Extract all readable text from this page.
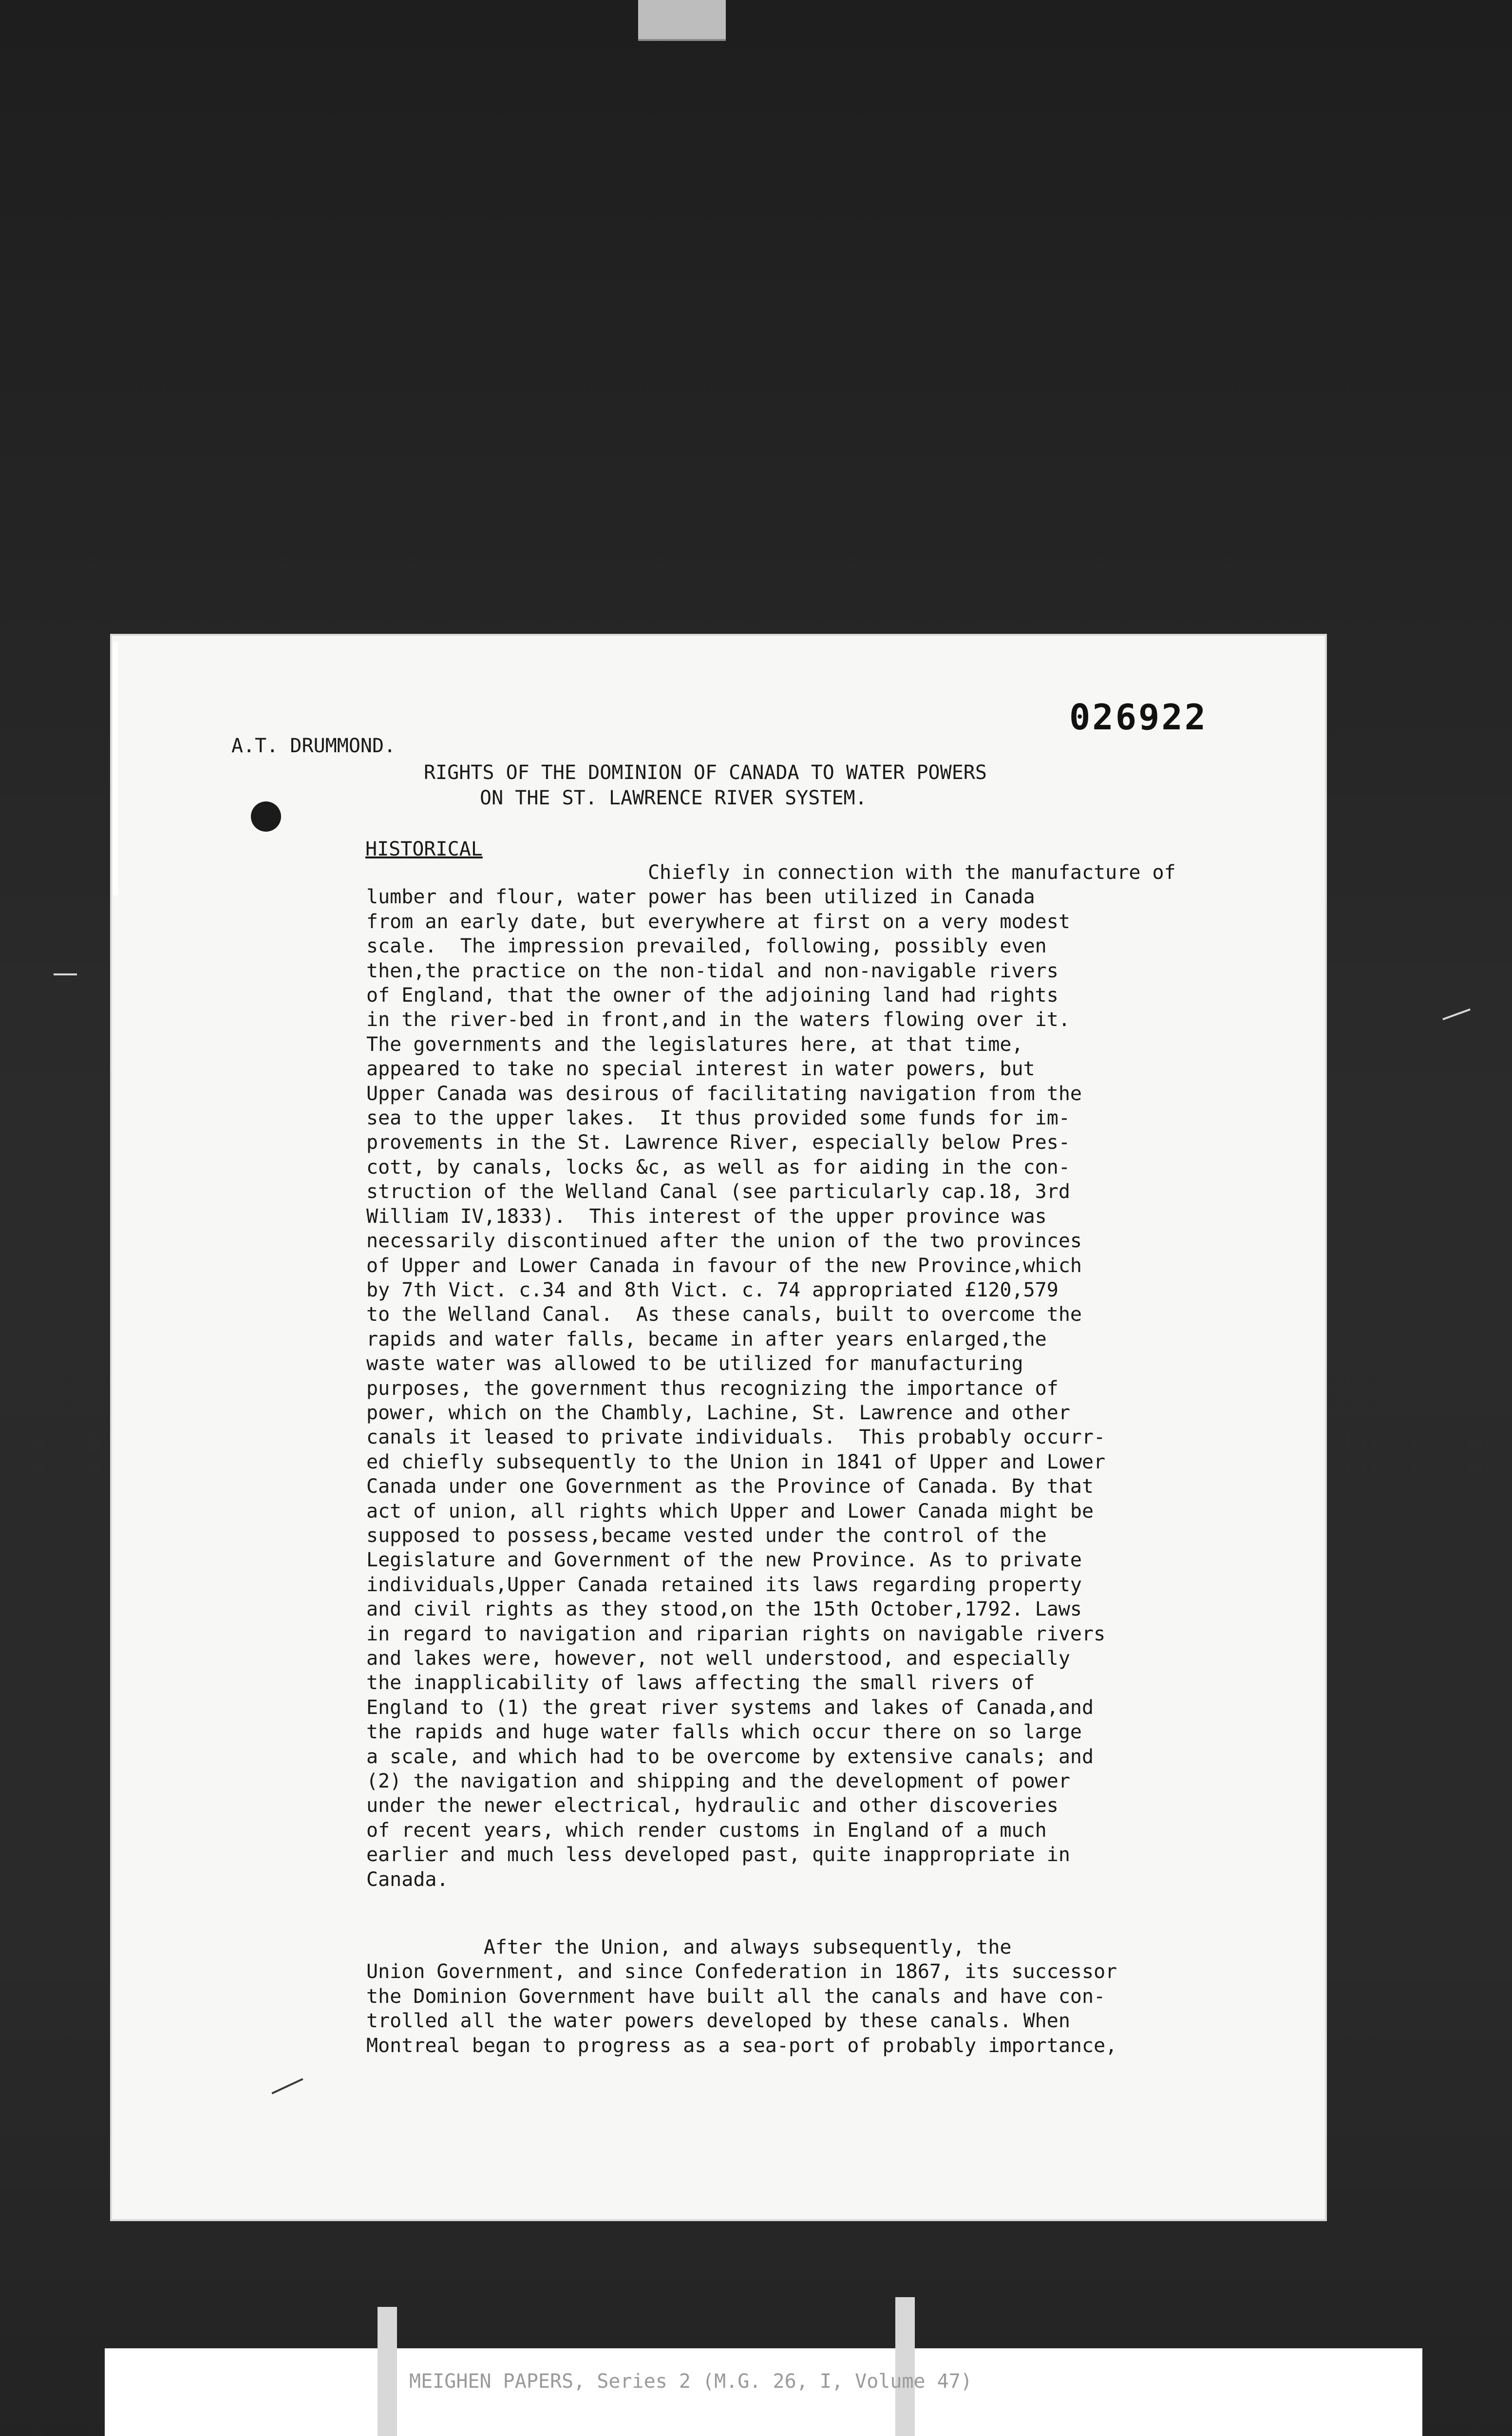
026922
A.T. DRUMMOND.
RIGHTS OF THE DOMINION OF CANADA TO WATER POWERS
ON THE ST. LAWRENCE RIVER SYSTEM.
HISTORICAL
Chiefly in connection with the manufacture of
lumber and flour, water power has been utilized in Canada
from an early date, but everywhere at first on a very modest
scale.  The impression prevailed, following, possibly even
then,the practice on the non-tidal and non-navigable rivers
of England, that the owner of the adjoining land had rights
in the river-bed in front,and in the waters flowing over it.
The governments and the legislatures here, at that time,
appeared to take no special interest in water powers, but
Upper Canada was desirous of facilitating navigation from the
sea to the upper lakes.  It thus provided some funds for im-
provements in the St. Lawrence River, especially below Pres-
cott, by canals, locks &c, as well as for aiding in the con-
struction of the Welland Canal (see particularly cap.18, 3rd
William IV,1833).  This interest of the upper province was
necessarily discontinued after the union of the two provinces
of Upper and Lower Canada in favour of the new Province,which
by 7th Vict. c.34 and 8th Vict. c. 74 appropriated £120,579
to the Welland Canal.  As these canals, built to overcome the
rapids and water falls, became in after years enlarged,the
waste water was allowed to be utilized for manufacturing
purposes, the government thus recognizing the importance of
power, which on the Chambly, Lachine, St. Lawrence and other
canals it leased to private individuals.  This probably occurr-
ed chiefly subsequently to the Union in 1841 of Upper and Lower
Canada under one Government as the Province of Canada. By that
act of union, all rights which Upper and Lower Canada might be
supposed to possess,became vested under the control of the
Legislature and Government of the new Province. As to private
individuals,Upper Canada retained its laws regarding property
and civil rights as they stood,on the 15th October,1792. Laws
in regard to navigation and riparian rights on navigable rivers
and lakes were, however, not well understood, and especially
the inapplicability of laws affecting the small rivers of
England to (1) the great river systems and lakes of Canada,and
the rapids and huge water falls which occur there on so large
a scale, and which had to be overcome by extensive canals; and
(2) the navigation and shipping and the development of power
under the newer electrical, hydraulic and other discoveries
of recent years, which render customs in England of a much
earlier and much less developed past, quite inappropriate in
Canada.
After the Union, and always subsequently, the
Union Government, and since Confederation in 1867, its successor
the Dominion Government have built all the canals and have con-
trolled all the water powers developed by these canals. When
Montreal began to progress as a sea-port of probably importance,
MEIGHEN PAPERS, Series 2 (M.G. 26, I, Volume 47)
